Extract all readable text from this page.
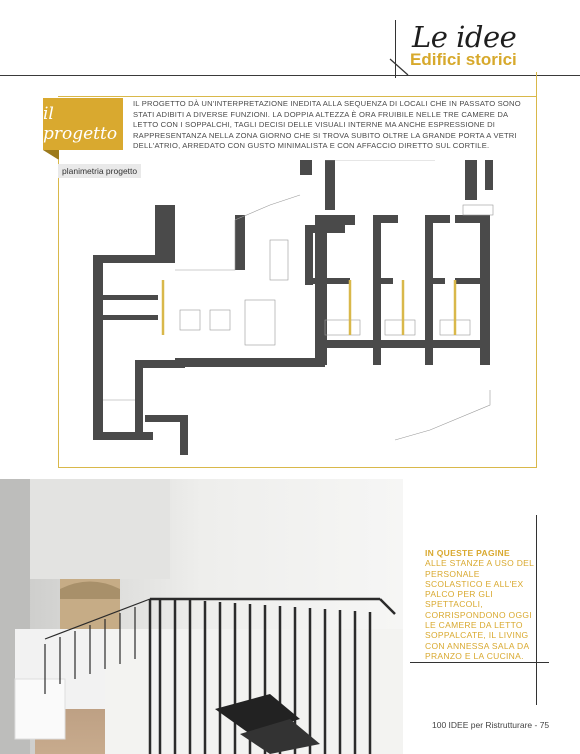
Le idee
Edifici storici
il progetto
IL PROGETTO DÀ UN'INTERPRETAZIONE INEDITA ALLA SEQUENZA DI LOCALI CHE IN PASSATO SONO STATI ADIBITI A DIVERSE FUNZIONI. LA DOPPIA ALTEZZA È ORA FRUIBILE NELLE TRE CAMERE DA LETTO CON I SOPPALCHI, TAGLI DECISI DELLE VISUALI INTERNE MA ANCHE ESPRESSIONE DI RAPPRESENTANZA NELLA ZONA GIORNO CHE SI TROVA SUBITO OLTRE LA GRANDE PORTA A VETRI DELL'ATRIO, ARREDATO CON GUSTO MINIMALISTA E CON AFFACCIO DIRETTO SUL CORTILE.
planimetria progetto
IN QUESTE PAGINE
ALLE STANZE A USO DEL PERSONALE SCOLASTICO E ALL'EX PALCO PER GLI SPETTACOLI, CORRISPONDONO OGGI LE CAMERE DA LETTO SOPPALCATE, IL LIVING CON ANNESSA SALA DA PRANZO E LA CUCINA.
100 IDEE per Ristrutturare - 75
